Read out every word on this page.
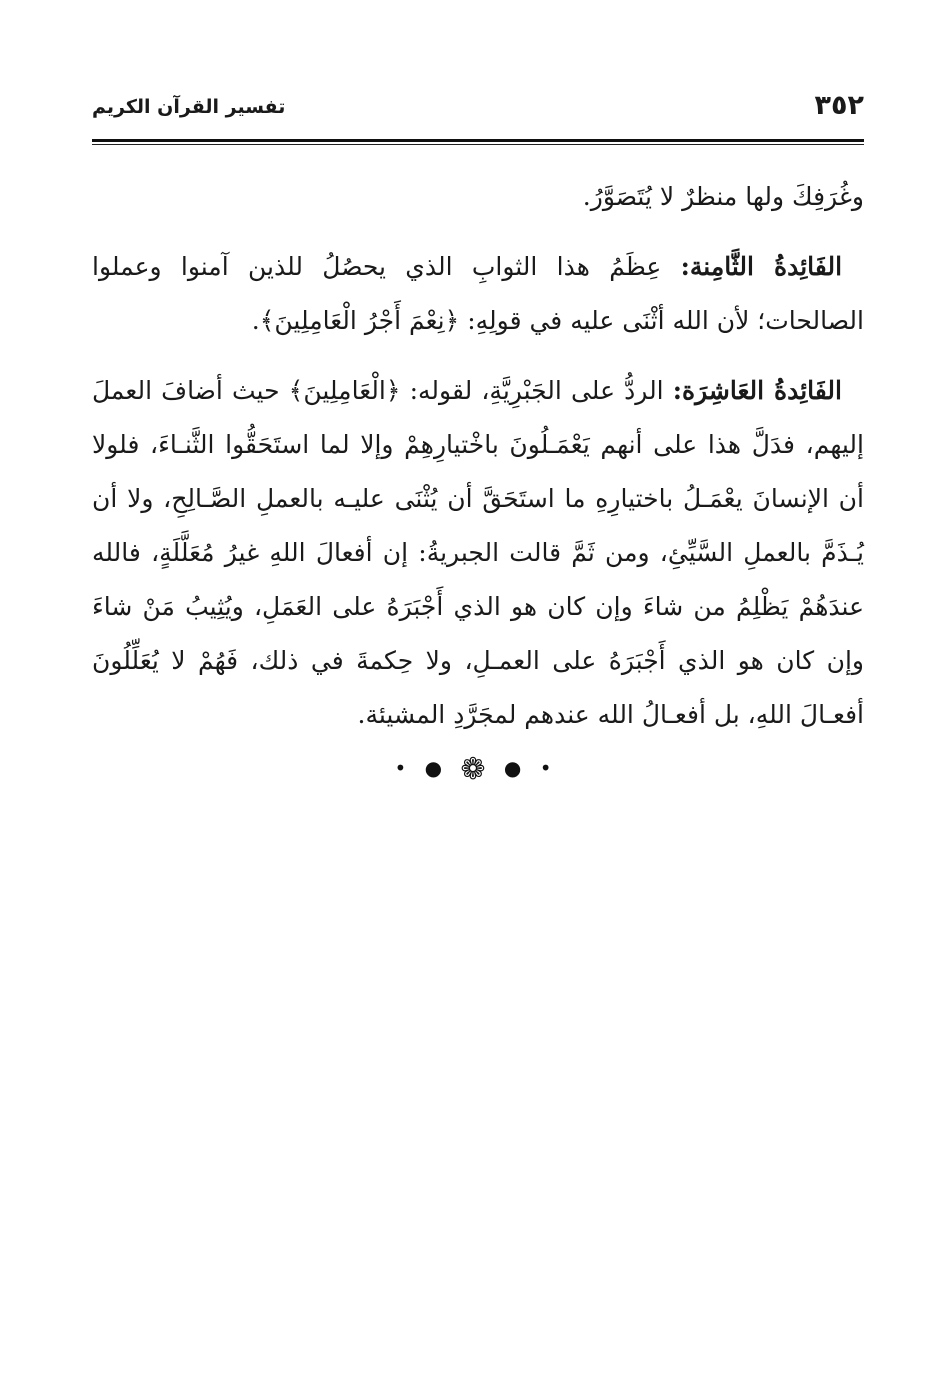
٣٥٢
تفسير القرآن الكريم

وغُرَفِكَ ولها منظرٌ لا يُتَصَوَّرُ.

الفَائِدةُ الثَّامِنة: عِظَمُ هذا الثوابِ الذي يحصُلُ للذين آمنوا وعملوا الصالحات؛ لأن الله أثْنَى عليه في قولِهِ: ﴿نِعْمَ أَجْرُ الْعَامِلِينَ﴾.

الفَائِدةُ العَاشِرَة: الردُّ على الجَبْرِيَّةِ، لقوله: ﴿الْعَامِلِينَ﴾ حيث أضافَ العملَ إليهم، فدَلَّ هذا على أنهم يَعْمَـلُونَ باخْتيارِهِمْ وإلا لما استَحَقُّوا الثَّنـاءَ، فلولا أن الإنسانَ يعْمَـلُ باختيارِهِ ما استَحَقَّ أن يُثْنَى عليـه بالعملِ الصَّـالِحِ، ولا أن يُـذَمَّ بالعملِ السَّيِّئِ، ومن ثَمَّ قالت الجبريةُ: إن أفعالَ اللهِ غيرُ مُعَلَّلَةٍ، فالله عندَهُمْ يَظْلِمُ من شاءَ وإن كان هو الذي أَجْبَرَهُ على العَمَلِ، ويُثِيبُ مَنْ شاءَ وإن كان هو الذي أَجْبَرَهُ على العمـلِ، ولا حِكمةَ في ذلك، فَهُمْ لا يُعَلِّلُونَ أفعـالَ اللهِ، بل أفعـالُ الله عندهم لمجَرَّدِ المشيئة.

• ● ❁ ● •
